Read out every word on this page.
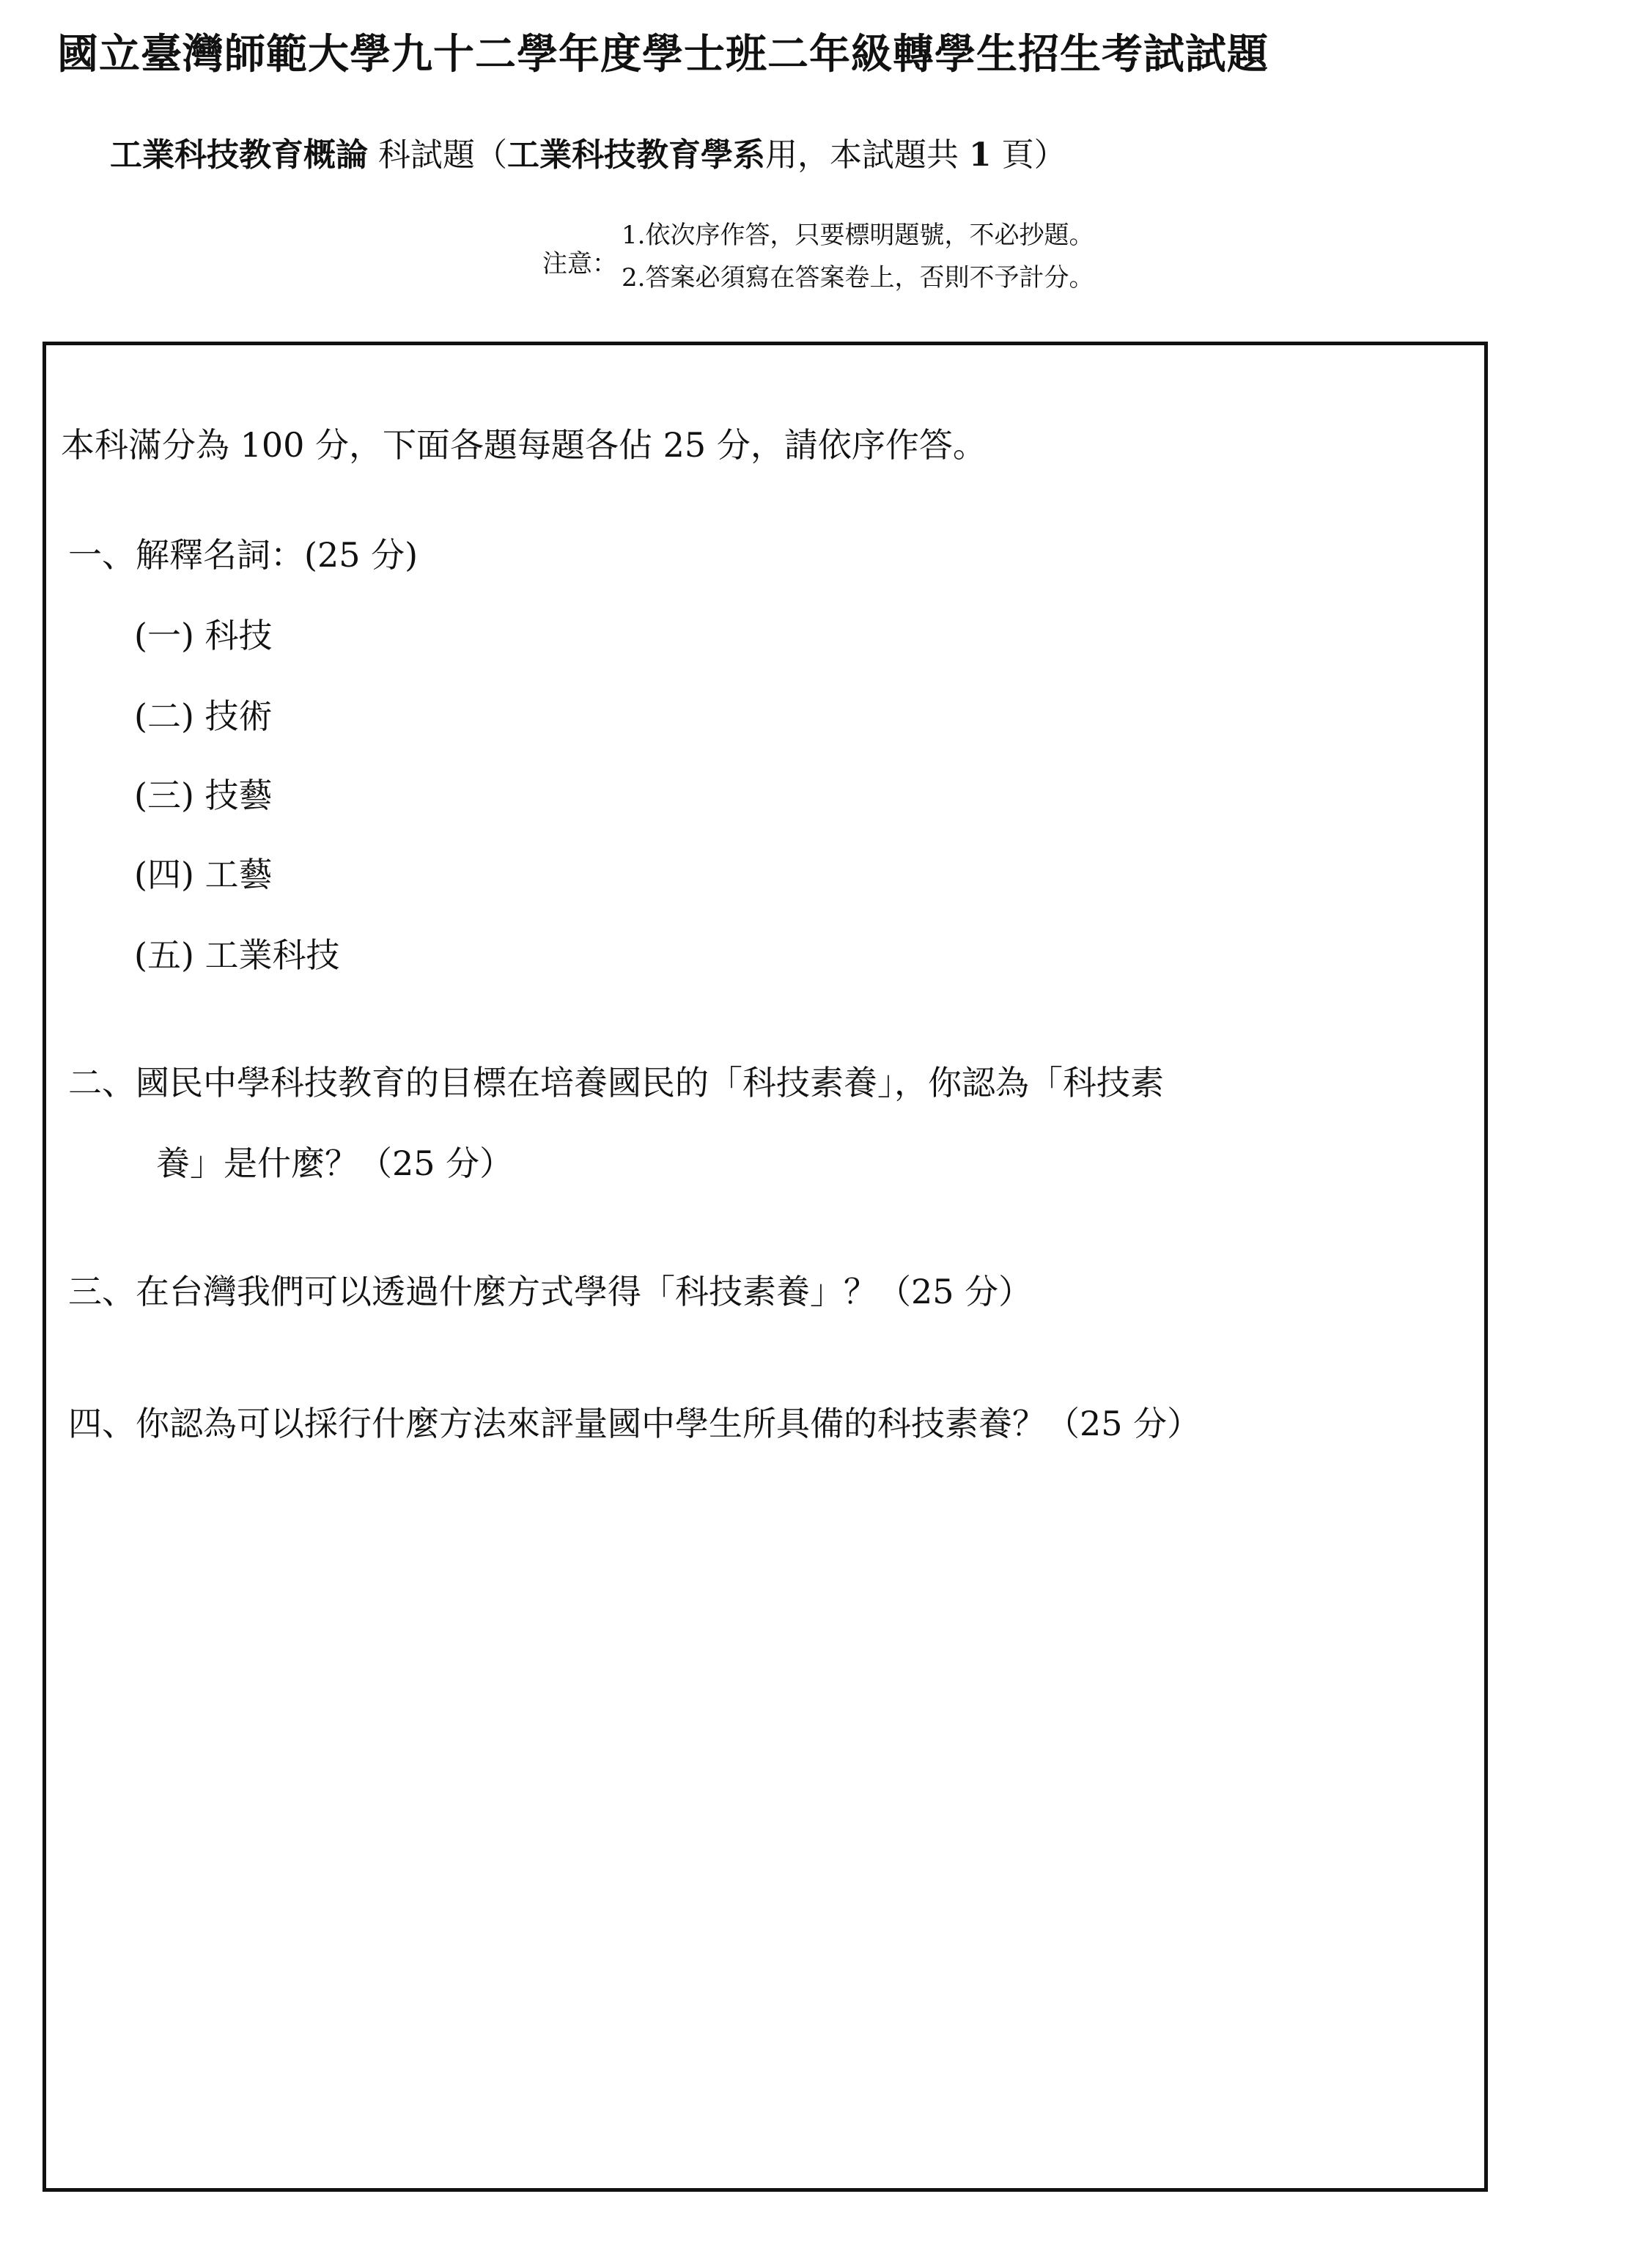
國立臺灣師範大學九十二學年度學士班二年級轉學生招生考試試題
工業科技教育概論 科試題（工業科技教育學系用，本試題共 1 頁）
注意：
1.依次序作答，只要標明題號，不必抄題。
2.答案必須寫在答案卷上，否則不予計分。
本科滿分為 100 分，下面各題每題各佔 25 分，請依序作答。
一、解釋名詞：(25 分)
(一) 科技
(二) 技術
(三) 技藝
(四) 工藝
(五) 工業科技
二、國民中學科技教育的目標在培養國民的「科技素養」，你認為「科技素
養」是什麼？（25 分）
三、在台灣我們可以透過什麼方式學得「科技素養」？（25 分）
四、你認為可以採行什麼方法來評量國中學生所具備的科技素養？（25 分）
